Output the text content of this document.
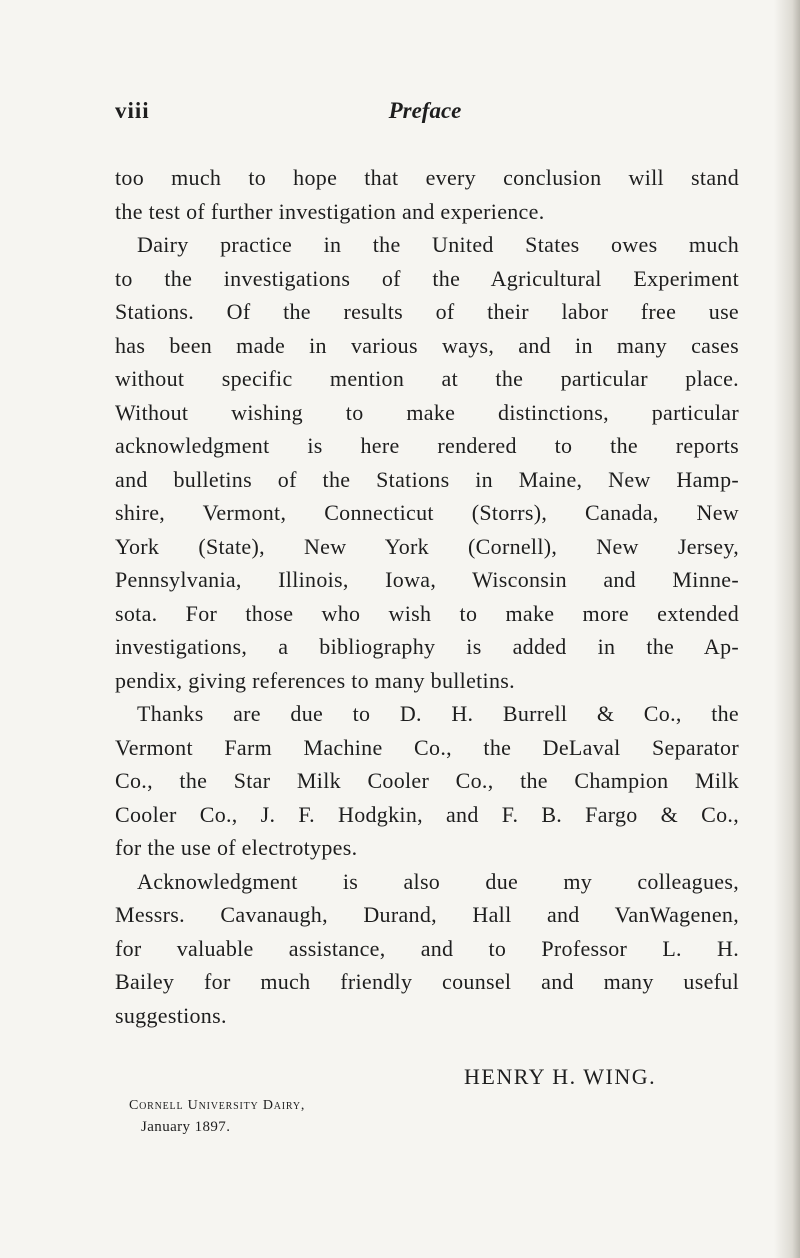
viii	Preface
too much to hope that every conclusion will stand
the test of further investigation and experience.
Dairy practice in the United States owes much
to the investigations of the Agricultural Experiment
Stations. Of the results of their labor free use
has been made in various ways, and in many cases
without specific mention at the particular place.
Without wishing to make distinctions, particular
acknowledgment is here rendered to the reports
and bulletins of the Stations in Maine, New Hamp-
shire, Vermont, Connecticut (Storrs), Canada, New
York (State), New York (Cornell), New Jersey,
Pennsylvania, Illinois, Iowa, Wisconsin and Minne-
sota. For those who wish to make more extended
investigations, a bibliography is added in the Ap-
pendix, giving references to many bulletins.
Thanks are due to D. H. Burrell & Co., the
Vermont Farm Machine Co., the DeLaval Separator
Co., the Star Milk Cooler Co., the Champion Milk
Cooler Co., J. F. Hodgkin, and F. B. Fargo & Co.,
for the use of electrotypes.
Acknowledgment is also due my colleagues,
Messrs. Cavanaugh, Durand, Hall and VanWagenen,
for valuable assistance, and to Professor L. H.
Bailey for much friendly counsel and many useful
suggestions.
HENRY H. WING.
Cornell University Dairy,
January 1897.
